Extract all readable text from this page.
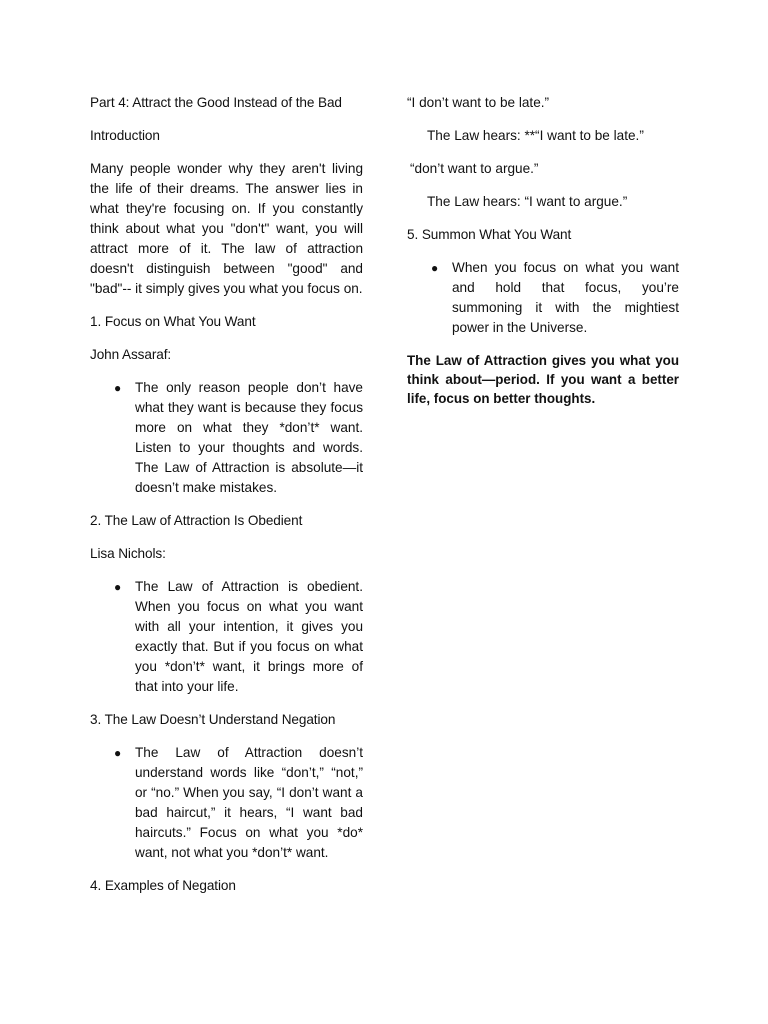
Part 4: Attract the Good Instead of the Bad
Introduction
Many people wonder why they aren't living the life of their dreams. The answer lies in what they're focusing on. If you constantly think about what you "don't" want, you will attract more of it. The law of attraction doesn't distinguish between "good" and "bad"-- it simply gives you what you focus on.
1. Focus on What You Want
John Assaraf:
● The only reason people don’t have what they want is because they focus more on what they *don’t* want. Listen to your thoughts and words. The Law of Attraction is absolute—it doesn’t make mistakes.
2. The Law of Attraction Is Obedient
Lisa Nichols:
● The Law of Attraction is obedient. When you focus on what you want with all your intention, it gives you exactly that. But if you focus on what you *don’t* want, it brings more of that into your life.
3. The Law Doesn’t Understand Negation
● The Law of Attraction doesn’t understand words like “don’t,” “not,” or “no.” When you say, “I don’t want a bad haircut,” it hears, “I want bad haircuts.” Focus on what you *do* want, not what you *don’t* want.
4. Examples of Negation
“I don’t want to be late.”
The Law hears: **“I want to be late.”
“don’t want to argue.”
The Law hears: “I want to argue.”
5. Summon What You Want
● When you focus on what you want and hold that focus, you’re summoning it with the mightiest power in the Universe.
The Law of Attraction gives you what you think about—period. If you want a better life, focus on better thoughts.
